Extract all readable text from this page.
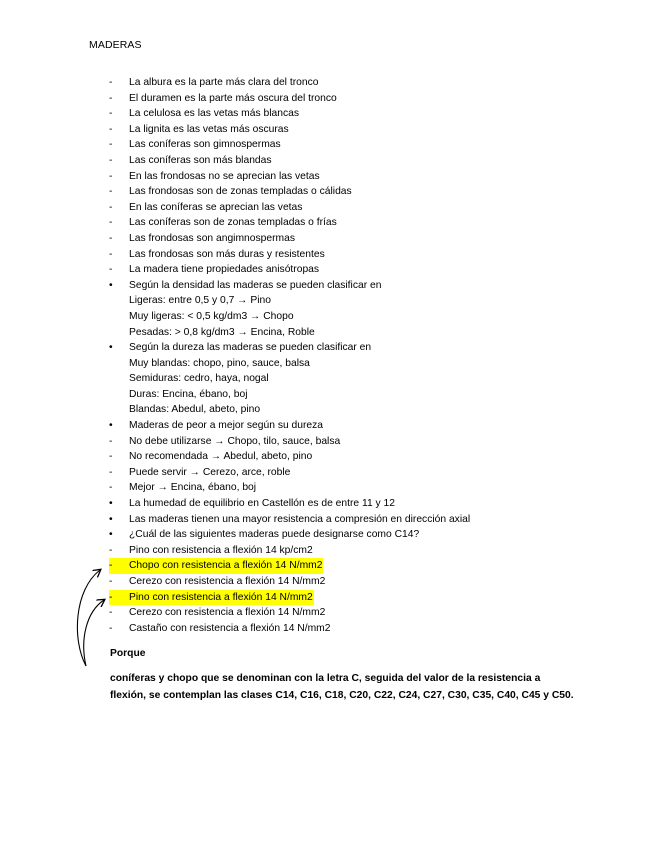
MADERAS
-	La albura es la parte más clara del tronco
-	El duramen es la parte más oscura del tronco
-	La celulosa es las vetas más blancas
-	La lignita es las vetas más oscuras
-	Las coníferas son gimnospermas
-	Las coníferas son más blandas
-	En las frondosas no se aprecian las vetas
-	Las frondosas son de zonas templadas o cálidas
-	En las coníferas se aprecian las vetas
-	Las coníferas son de zonas templadas o frías
-	Las frondosas son angimnospermas
-	Las frondosas son más duras y resistentes
-	La madera tiene propiedades anisótropas
•	Según la densidad las maderas se pueden clasificar en
Ligeras: entre 0,5 y 0,7 → Pino
Muy ligeras: < 0,5 kg/dm3 → Chopo
Pesadas: > 0,8 kg/dm3 → Encina, Roble
•	Según la dureza las maderas se pueden clasificar en
Muy blandas: chopo, pino, sauce, balsa
Semiduras: cedro, haya, nogal
Duras: Encina, ébano, boj
Blandas: Abedul, abeto, pino
•	Maderas de peor a mejor según su dureza
-	No debe utilizarse → Chopo, tilo, sauce, balsa
-	No recomendada → Abedul, abeto, pino
-	Puede servir → Cerezo, arce, roble
-	Mejor → Encina, ébano, boj
•	La humedad de equilibrio en Castellón es de entre 11 y 12
•	Las maderas tienen una mayor resistencia a compresión en dirección axial
•	¿Cuál de las siguientes maderas puede designarse como C14?
-	Pino con resistencia a flexión 14 kp/cm2
-	Chopo con resistencia a flexión 14 N/mm2
-	Cerezo con resistencia a flexión 14 N/mm2
-	Pino con resistencia a flexión 14 N/mm2
-	Cerezo con resistencia a flexión 14 N/mm2
-	Castaño con resistencia a flexión 14 N/mm2
Porque
coníferas y chopo que se denominan con la letra C, seguida del valor de la resistencia a
flexión, se contemplan las clases C14, C16, C18, C20, C22, C24, C27, C30, C35, C40, C45 y C50.
